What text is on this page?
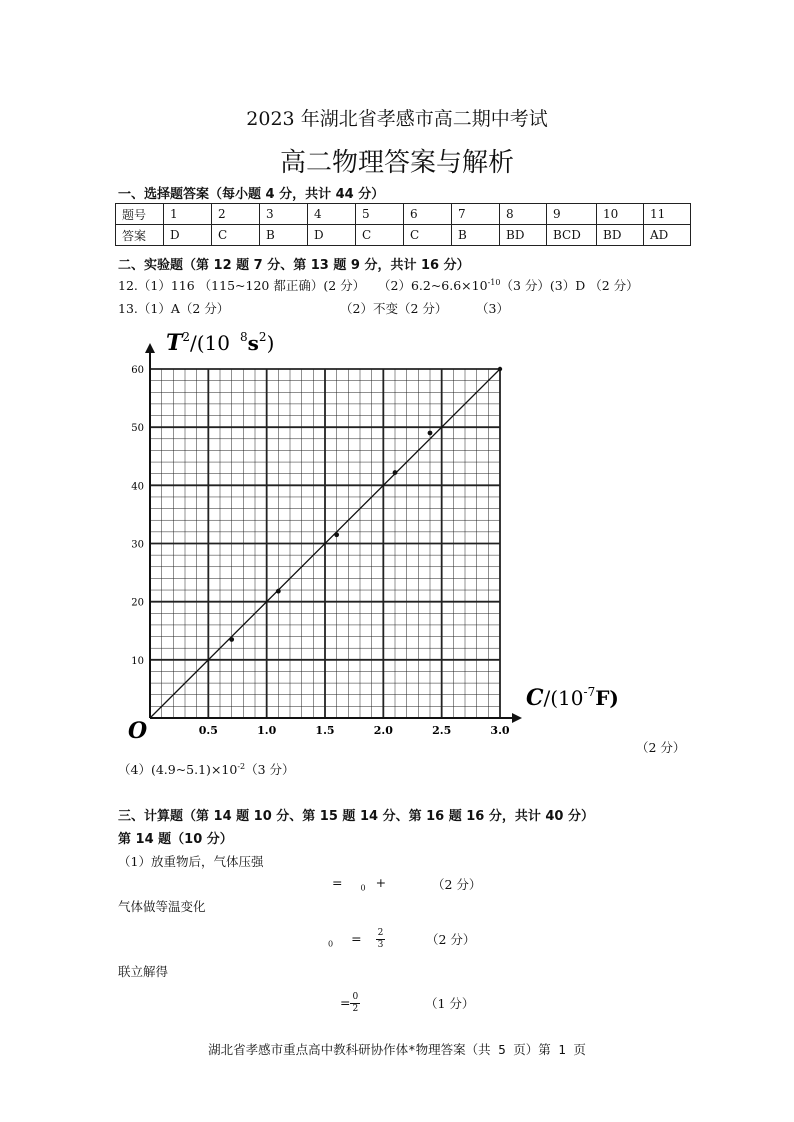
2023 年湖北省孝感市高二期中考试
高二物理答案与解析
一、选择题答案（每小题 4 分，共计 44 分）
题号	1	2	3	4	5	6	7	8	9	10	11
答案	D	C	B	D	C	C	B	BD	BCD	BD	AD
二、实验题（第 12 题 7 分、第 13 题 9 分，共计 16 分）
12.（1）116 （115~120 都正确）(2 分） $(2)6.2\sim 6.6\times 10^{-10}(3$ 分）(3）D （2 分）
13.（1）A（2 分）	（2）不变（2 分） （3）
0.5	1.0	1.5	2.0	2.5	3.0
10
20
30
40
50
60
$T^2/(10$ $^8s^2$)
$C/(10^{-7}F)$
O
（2 分）
$(4)(4.9\sim 5.1)\times 10^{-2}(3$ 分）
三、计算题（第 14 题 10 分、第 15 题 14 分、第 16 题 16 分，共计 40 分）
第 14 题（10 分）
（1）放重物后，气体压强
= $_0$ +	（2 分）
气体做等温变化
$_0 = \frac{2}{3}$	（2 分）
联立解得
= $\frac{0}{2}$	（1 分）
湖北省孝感市重点高中教科研协作体*物理答案（共 5 页）第 1 页
